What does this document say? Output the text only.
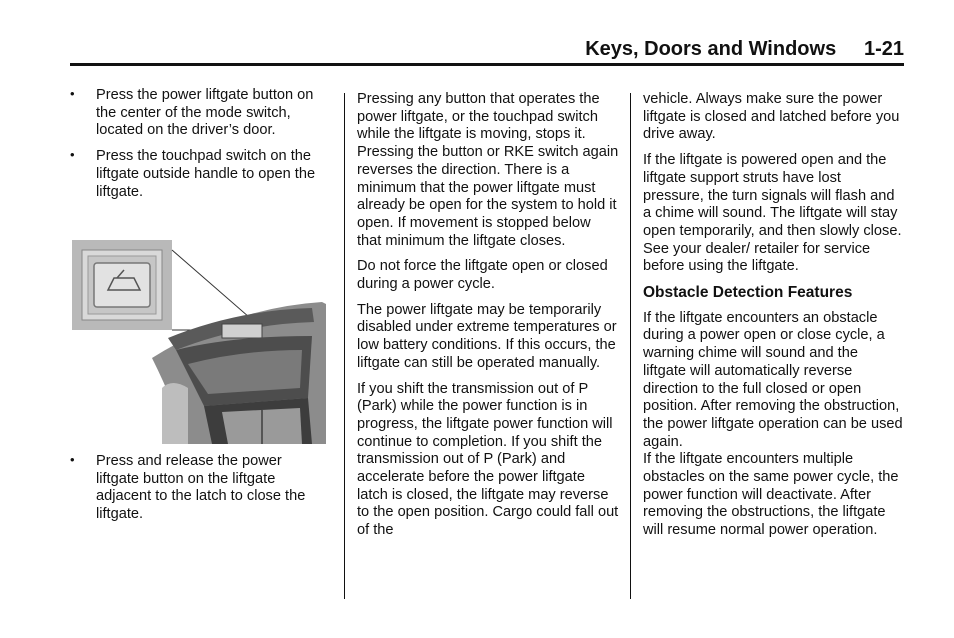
Keys, Doors and Windows     1-21
• Press the power liftgate button on the center of the mode switch, located on the driver’s door.
• Press the touchpad switch on the liftgate outside handle to open the liftgate.
• Press and release the power liftgate button on the liftgate adjacent to the latch to close the liftgate.

Pressing any button that operates the power liftgate, or the touchpad switch while the liftgate is moving, stops it. Pressing the button or RKE switch again reverses the direction. There is a minimum that the power liftgate must already be open for the system to hold it open. If movement is stopped below that minimum the liftgate closes.

Do not force the liftgate open or closed during a power cycle.

The power liftgate may be temporarily disabled under extreme temperatures or low battery conditions. If this occurs, the liftgate can still be operated manually.

If you shift the transmission out of P (Park) while the power function is in progress, the liftgate power function will continue to completion. If you shift the transmission out of P (Park) and accelerate before the power liftgate latch is closed, the liftgate may reverse to the open position. Cargo could fall out of the

vehicle. Always make sure the power liftgate is closed and latched before you drive away.

If the liftgate is powered open and the liftgate support struts have lost pressure, the turn signals will flash and a chime will sound. The liftgate will stay open temporarily, and then slowly close. See your dealer/ retailer for service before using the liftgate.

Obstacle Detection Features

If the liftgate encounters an obstacle during a power open or close cycle, a warning chime will sound and the liftgate will automatically reverse direction to the full closed or open position. After removing the obstruction, the power liftgate operation can be used again.

If the liftgate encounters multiple obstacles on the same power cycle, the power function will deactivate. After removing the obstructions, the liftgate will resume normal power operation.
